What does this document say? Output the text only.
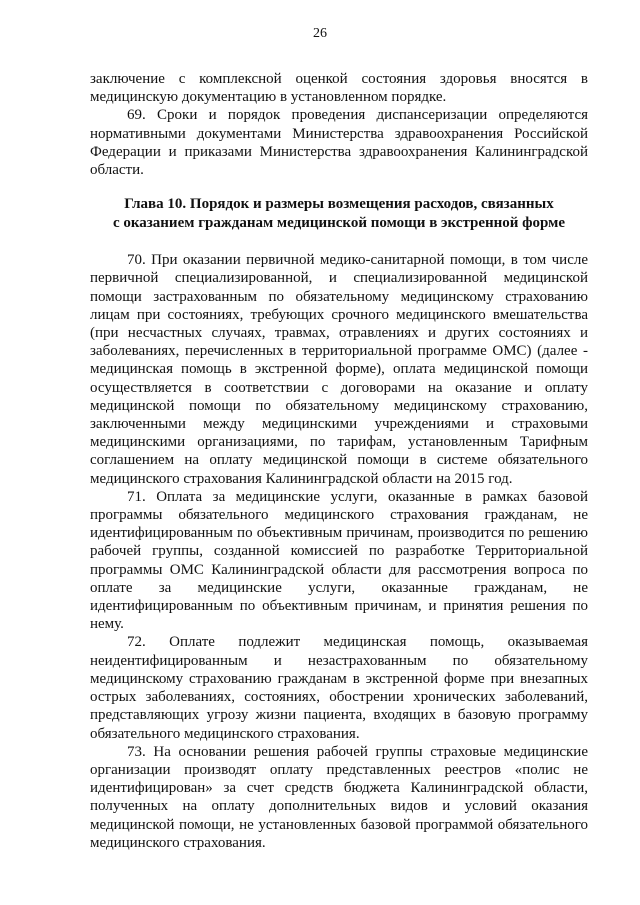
26

заключение с комплексной оценкой состояния здоровья вносятся в медицинскую документацию в установленном порядке.

69. Сроки и порядок проведения диспансеризации определяются нормативными документами Министерства здравоохранения Российской Федерации и приказами Министерства здравоохранения Калининградской области.

Глава 10. Порядок и размеры возмещения расходов, связанных
с оказанием гражданам медицинской помощи в экстренной форме

70. При оказании первичной медико-санитарной помощи, в том числе первичной специализированной, и специализированной медицинской помощи застрахованным по обязательному медицинскому страхованию лицам при состояниях, требующих срочного медицинского вмешательства (при несчастных случаях, травмах, отравлениях и других состояниях и заболеваниях, перечисленных в территориальной программе ОМС) (далее - медицинская помощь в экстренной форме), оплата медицинской помощи осуществляется в соответствии с договорами на оказание и оплату медицинской помощи по обязательному медицинскому страхованию, заключенными между медицинскими учреждениями и страховыми медицинскими организациями, по тарифам, установленным Тарифным соглашением на оплату медицинской помощи в системе обязательного медицинского страхования Калининградской области на 2015 год.

71. Оплата за медицинские услуги, оказанные в рамках базовой программы обязательного медицинского страхования гражданам, не идентифицированным по объективным причинам, производится по решению рабочей группы, созданной комиссией по разработке Территориальной программы ОМС Калининградской области для рассмотрения вопроса по оплате за медицинские услуги, оказанные гражданам, не идентифицированным по объективным причинам, и принятия решения по нему.

72. Оплате подлежит медицинская помощь, оказываемая неидентифицированным и незастрахованным по обязательному медицинскому страхованию гражданам в экстренной форме при внезапных острых заболеваниях, состояниях, обострении хронических заболеваний, представляющих угрозу жизни пациента, входящих в базовую программу обязательного медицинского страхования.

73. На основании решения рабочей группы страховые медицинские организации производят оплату представленных реестров «полис не идентифицирован» за счет средств бюджета Калининградской области, полученных на оплату дополнительных видов и условий оказания медицинской помощи, не установленных базовой программой обязательного медицинского страхования.
